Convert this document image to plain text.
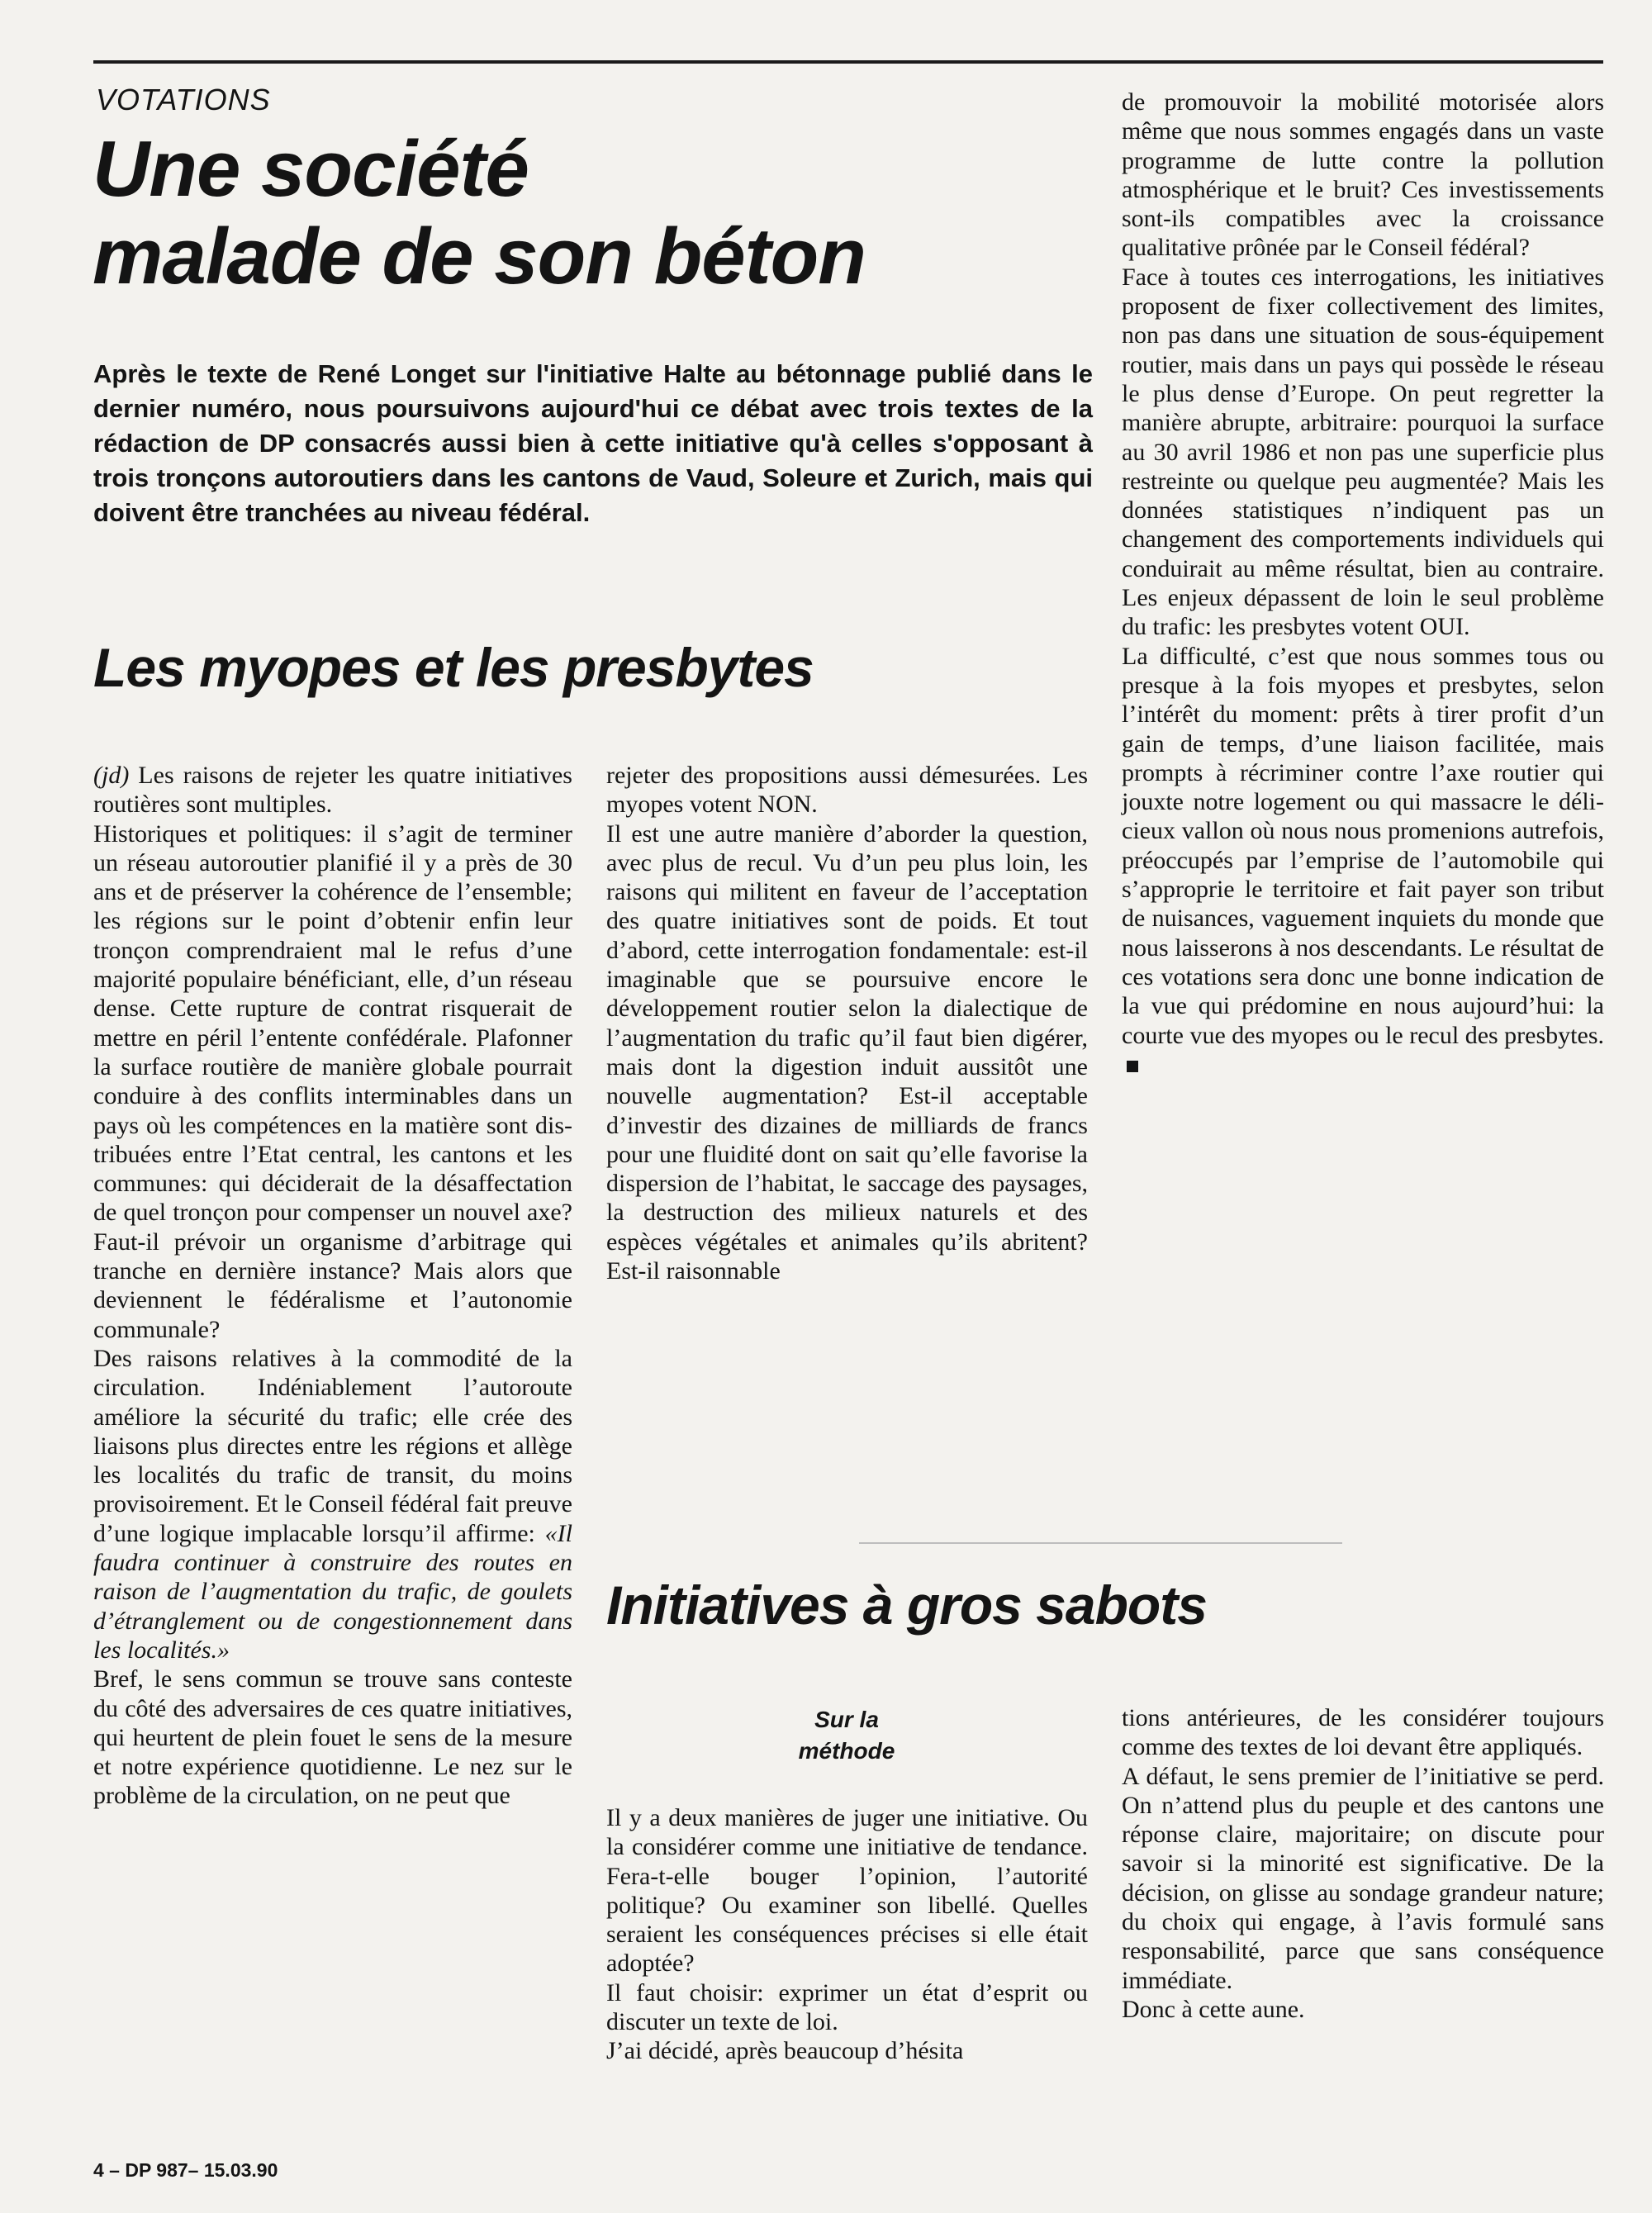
VOTATIONS
Une société
malade de son béton

Après le texte de René Longet sur l'initiative Halte au bétonnage publié dans le dernier numéro, nous poursuivons aujourd'hui ce débat avec trois textes de la rédaction de DP consacrés aussi bien à cette initiative qu'à celles s'opposant à trois tronçons autoroutiers dans les cantons de Vaud, Soleure et Zurich, mais qui doivent être tranchées au niveau fédéral.

Les myopes et les presbytes

(jd) Les raisons de rejeter les quatre initiatives routières sont multiples.

Historiques et politiques: il s’agit de terminer un réseau autoroutier planifié il y a près de 30 ans et de préserver la cohérence de l’ensemble; les régions sur le point d’obtenir enfin leur tronçon comprendraient mal le refus d’une majorité populaire bénéficiant, elle, d’un réseau dense. Cette rupture de contrat risquerait de mettre en péril l’entente confédérale. Plafonner la surface routière de manière globale pourrait conduire à des conflits interminables dans un pays où les compétences en la matière sont distribuées entre l’Etat central, les cantons et les communes: qui déciderait de la désaffectation de quel tronçon pour compenser un nouvel axe? Faut-il prévoir un organisme d’arbitrage qui tranche en dernière instance? Mais alors que deviennent le fédéralisme et l’autonomie communale?

Des raisons relatives à la commodité de la circulation. Indéniablement l’autoroute améliore la sécurité du trafic; elle crée des liaisons plus directes entre les régions et allège les localités du trafic de transit, du moins provisoirement. Et le Conseil fédéral fait preuve d’une logique implacable lorsqu’il affirme: «Il faudra continuer à construire des routes en raison de l’augmentation du trafic, de goulets d’étranglement ou de congestionnement dans les localités.»

Bref, le sens commun se trouve sans conteste du côté des adversaires de ces quatre initiatives, qui heurtent de plein fouet le sens de la mesure et notre expérience quotidienne. Le nez sur le problème de la circulation, on ne peut que

rejeter des propositions aussi démesurées. Les myopes votent NON.

Il est une autre manière d’aborder la question, avec plus de recul. Vu d’un peu plus loin, les raisons qui militent en faveur de l’acceptation des quatre initiatives sont de poids. Et tout d’abord, cette interrogation fondamentale: est-il imaginable que se poursuive encore le développement routier selon la dialectique de l’augmentation du trafic qu’il faut bien digérer, mais dont la digestion induit aussitôt une nouvelle augmentation? Est-il acceptable d’investir des dizaines de milliards de francs pour une fluidité dont on sait qu’elle favorise la dispersion de l’habitat, le saccage des paysages, la destruction des milieux naturels et des espèces végétales et animales qu’ils abritent? Est-il raisonnable

de promouvoir la mobilité motorisée alors même que nous sommes engagés dans un vaste programme de lutte contre la pollution atmosphérique et le bruit? Ces investissements sont-ils compatibles avec la croissance qualitative prônée par le Conseil fédéral?

Face à toutes ces interrogations, les initiatives proposent de fixer collectivement des limites, non pas dans une situation de sous-équipement routier, mais dans un pays qui possède le réseau le plus dense d’Europe. On peut regretter la manière abrupte, arbitraire: pourquoi la surface au 30 avril 1986 et non pas une superficie plus restreinte ou quelque peu augmentée? Mais les données statistiques n’indiquent pas un changement des comportements individuels qui conduirait au même résultat, bien au contraire. Les enjeux dépassent de loin le seul problème du trafic: les presbytes votent OUI.

La difficulté, c’est que nous sommes tous ou presque à la fois myopes et presbytes, selon l’intérêt du moment: prêts à tirer profit d’un gain de temps, d’une liaison facilitée, mais prompts à récriminer contre l’axe routier qui jouxte notre logement ou qui massacre le délicieux vallon où nous nous promenions autrefois, préoccupés par l’emprise de l’automobile qui s’approprie le territoire et fait payer son tribut de nuisances, vaguement inquiets du monde que nous laisserons à nos descendants. Le résultat de ces votations sera donc une bonne indication de la vue qui prédomine en nous aujourd’hui: la courte vue des myopes ou le recul des presbytes.

Initiatives à gros sabots
Sur la
méthode

Il y a deux manières de juger une initiative. Ou la considérer comme une initiative de tendance. Fera-t-elle bouger l’opinion, l’autorité politique? Ou examiner son libellé. Quelles seraient les conséquences précises si elle était adoptée?

Il faut choisir: exprimer un état d’esprit ou discuter un texte de loi.

J’ai décidé, après beaucoup d’hésita

tions antérieures, de les considérer toujours comme des textes de loi devant être appliqués.

A défaut, le sens premier de l’initiative se perd. On n’attend plus du peuple et des cantons une réponse claire, majoritaire; on discute pour savoir si la minorité est significative. De la décision, on glisse au sondage grandeur nature; du choix qui engage, à l’avis formulé sans responsabilité, parce que sans conséquence immédiate.

Donc à cette aune.

4 – DP 987– 15.03.90
